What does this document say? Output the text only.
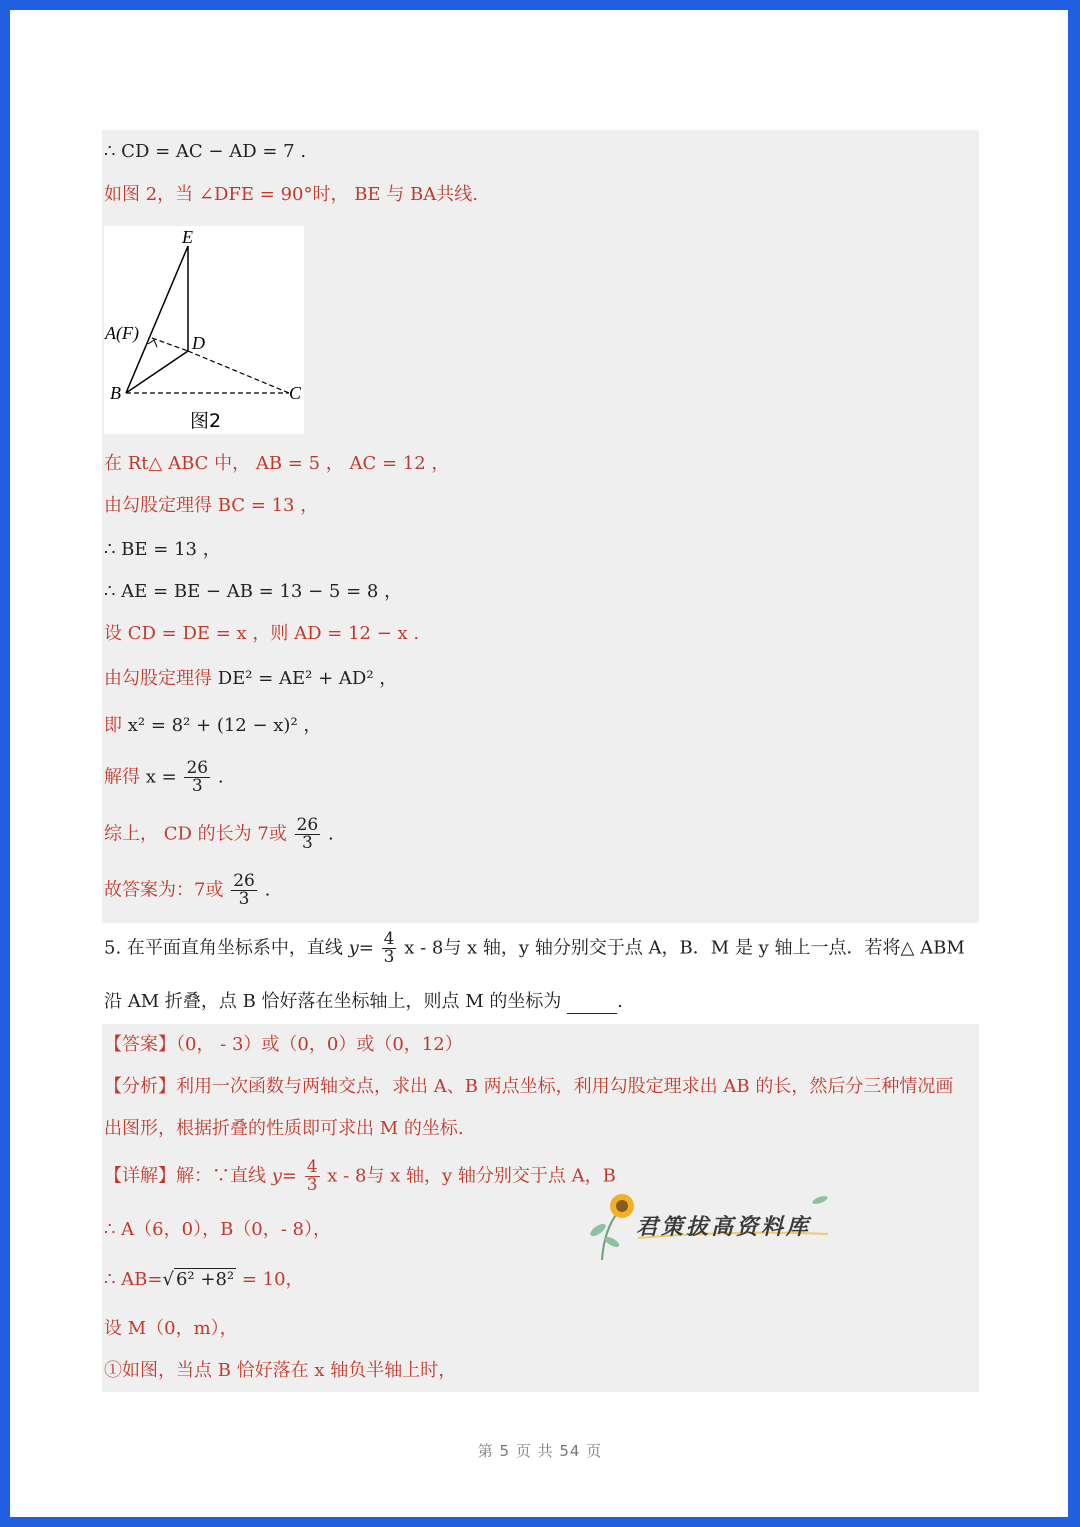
∴ CD = AC − AD = 7 .
如图 2，当 ∠DFE = 90°时， BE 与 BA共线.
E
A(F)	D
B	C
图2
在 Rt△ ABC 中， AB = 5 ， AC = 12 ，
由勾股定理得 BC = 13 ，
∴ BE = 13 ，
∴ AE = BE − AB = 13 − 5 = 8 ，
设 CD = DE = x ，则 AD = 12 − x .
由勾股定理得 DE² = AE² + AD² ，
即 x² = 8² + (12 − x)² ，
解得 $x = \frac{26}{3}$ .
综上， CD 的长为 7或 $\frac{26}{3}$ .
故答案为：7或 $\frac{26}{3}$ .
5. 在平面直角坐标系中，直线 $y= \frac{4}{3}$ x - 8与 x 轴，y 轴分别交于点 A，B．M 是 y 轴上一点．若将△ ABM
沿 AM 折叠，点 B 恰好落在坐标轴上，则点 M 的坐标为	.
【答案】（0， - 3）或（0，0）或（0，12）
【分析】利用一次函数与两轴交点，求出 A、B 两点坐标，利用勾股定理求出 AB 的长，然后分三种情况画
出图形，根据折叠的性质即可求出 M 的坐标.
【详解】解：∵直线 $y= \frac{4}{3}$ x - 8与 x 轴，y 轴分别交于点 A，B
∴ A（6，0），B（0，- 8），
∴ AB=√ 6² +8² = 10，
设 M（0，m），
①如图，当点 B 恰好落在 x 轴负半轴上时，
君策拔高资料库
第 5 页 共 54 页
